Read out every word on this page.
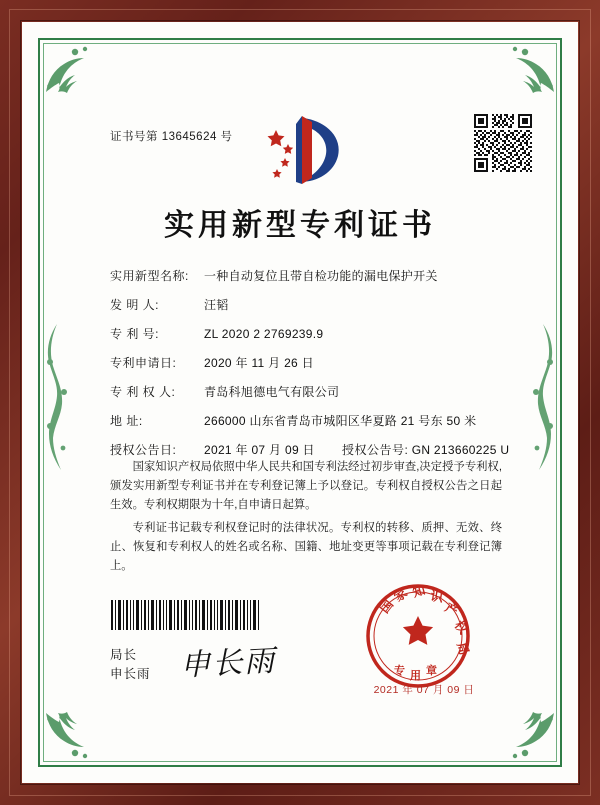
证书号第 13645624 号
实用新型专利证书
实用新型名称: 一种自动复位且带自检功能的漏电保护开关
发 明 人:	汪韬
专 利 号:	ZL 2020 2 2769239.9
专利申请日: 2020 年 11 月 26 日
专 利 权 人: 青岛科旭德电气有限公司
地 址:	266000 山东省青岛市城阳区华夏路 21 号东 50 米
授权公告日: 2021 年 07 月 09 日 授权公告号: GN 213660225 U

国家知识产权局依照中华人民共和国专利法经过初步审查,决定授予专利权,颁发实用新型专利证书并在专利登记簿上予以登记。专利权自授权公告之日起生效。专利权期限为十年,自申请日起算。

专利证书记载专利权登记时的法律状况。专利权的转移、质押、无效、终止、恢复和专利权人的姓名或名称、国籍、地址变更等事项记载在专利登记簿上。

局长
申长雨 申长雨
国
家 知 识
产
权
局
专 用 章
2021 年 07 月 09 日
